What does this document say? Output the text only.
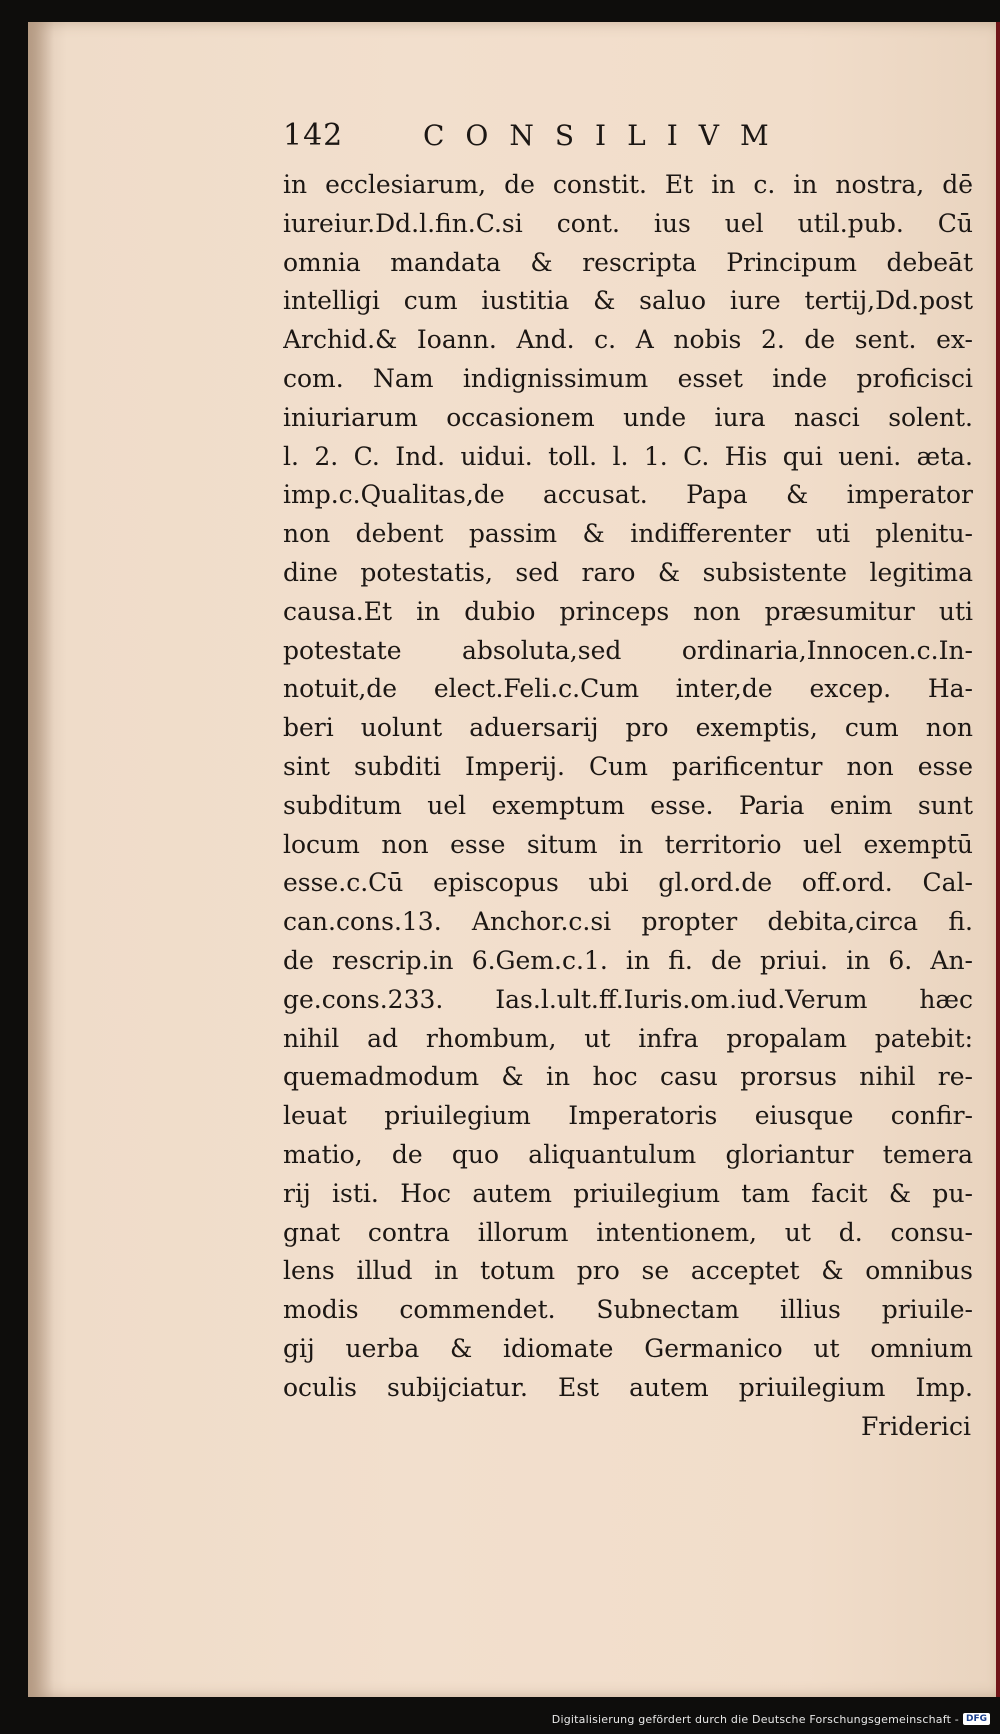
142	CONSILIVM
in ecclesiarum, de constit. Et in c. in nostra, dē
iureiur.Dd.l.fin.C.si cont. ius uel util.pub. Cū
omnia mandata & rescripta Principum debeāt
intelligi cum iustitia & saluo iure tertij,Dd.post
Archid.& Ioann. And. c. A nobis 2. de sent. ex-
com. Nam indignissimum esset inde proficisci
iniuriarum occasionem unde iura nasci solent.
l. 2. C. Ind. uidui. toll. l. 1. C. His qui ueni. æta.
imp.c.Qualitas,de accusat. Papa & imperator
non debent passim & indifferenter uti plenitu-
dine potestatis, sed raro & subsistente legitima
causa.Et in dubio princeps non præsumitur uti
potestate absoluta,sed ordinaria,Innocen.c.In-
notuit,de elect.Feli.c.Cum inter,de excep. Ha-
beri uolunt aduersarij pro exemptis, cum non
sint subditi Imperij. Cum parificentur non esse
subditum uel exemptum esse. Paria enim sunt
locum non esse situm in territorio uel exemptū
esse.c.Cū episcopus ubi gl.ord.de off.ord. Cal-
can.cons.13. Anchor.c.si propter debita,circa fi.
de rescrip.in 6.Gem.c.1. in fi. de priui. in 6. An-
ge.cons.233. Ias.l.ult.ff.Iuris.om.iud.Verum hæc
nihil ad rhombum, ut infra propalam patebit:
quemadmodum & in hoc casu prorsus nihil re-
leuat priuilegium Imperatoris eiusque confir-
matio, de quo aliquantulum gloriantur temera
rij isti. Hoc autem priuilegium tam facit & pu-
gnat contra illorum intentionem, ut d. consu-
lens illud in totum pro se acceptet & omnibus
modis commendet. Subnectam illius priuile-
gij uerba & idiomate Germanico ut omnium
oculis subijciatur. Est autem priuilegium Imp.
Friderici
Digitalisierung gefördert durch die Deutsche Forschungsgemeinschaft - DFG
